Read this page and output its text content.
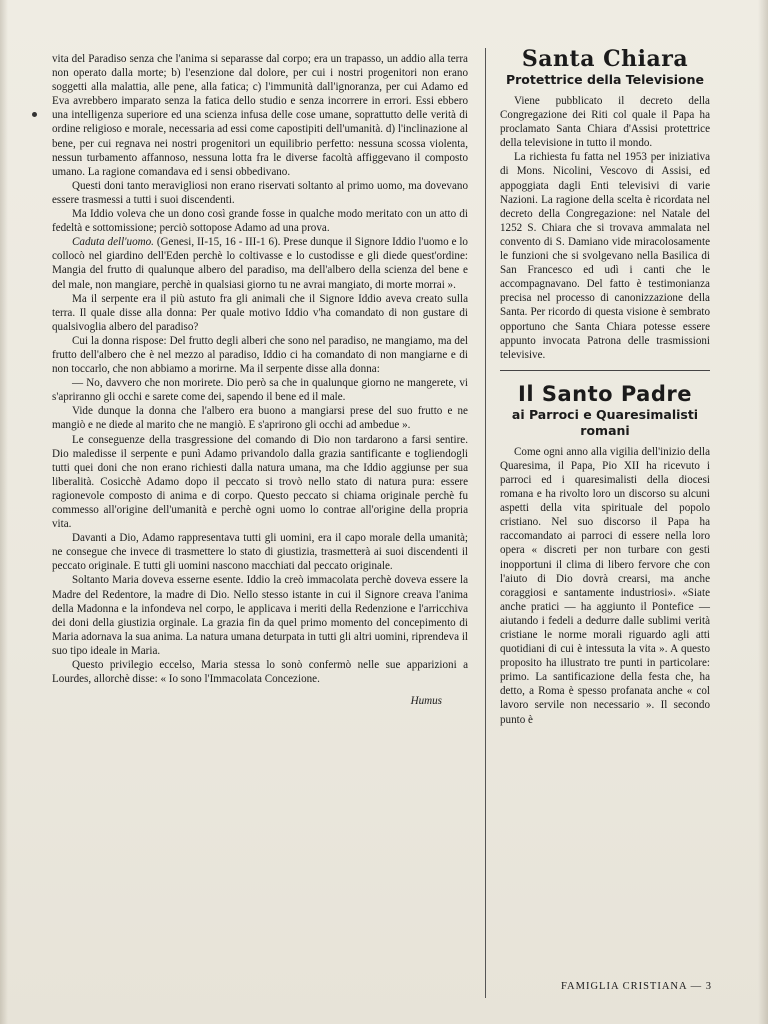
vita del Paradiso senza che l'anima si separasse dal corpo; era un trapasso, un addio alla terra non operato dalla morte; b) l'esenzione dal dolore, per cui i nostri progenitori non erano soggetti alla malattia, alle pene, alla fatica; c) l'immunità dall'ignoranza, per cui Adamo ed Eva avrebbero imparato senza la fatica dello studio e senza incorrere in errori. Essi ebbero una intelligenza superiore ed una scienza infusa delle cose umane, soprattutto delle verità di ordine religioso e morale, necessaria ad essi come capostipiti dell'umanità. d) l'inclinazione al bene, per cui regnava nei nostri progenitori un equilibrio perfetto: nessuna scossa violenta, nessun turbamento affannoso, nessuna lotta fra le diverse facoltà affiggevano il composto umano. La ragione comandava ed i sensi obbedivano.

Questi doni tanto meravigliosi non erano riservati soltanto al primo uomo, ma dovevano essere trasmessi a tutti i suoi discendenti.

Ma Iddio voleva che un dono così grande fosse in qualche modo meritato con un atto di fedeltà e sottomissione; perciò sottopose Adamo ad una prova.

Caduta dell'uomo. (Genesi, II-15, 16 - III-1 6). Prese dunque il Signore Iddio l'uomo e lo collocò nel giardino dell'Eden perchè lo coltivasse e lo custodisse e gli diede quest'ordine: Mangia del frutto di qualunque albero del paradiso, ma dell'albero della scienza del bene e del male, non mangiare, perchè in qualsiasi giorno tu ne avrai mangiato, di morte morrai ».

Ma il serpente era il più astuto fra gli animali che il Signore Iddio aveva creato sulla terra. Il quale disse alla donna: Per quale motivo Iddio v'ha comandato di non gustare di qualsivoglia albero del paradiso?

Cui la donna rispose: Del frutto degli alberi che sono nel paradiso, ne mangiamo, ma del frutto dell'albero che è nel mezzo al paradiso, Iddio ci ha comandato di non mangiarne e di non toccarlo, che non abbiamo a morirne. Ma il serpente disse alla donna:

— No, davvero che non morirete. Dio però sa che in qualunque giorno ne mangerete, vi s'apriranno gli occhi e sarete come dei, sapendo il bene ed il male.

Vide dunque la donna che l'albero era buono a mangiarsi prese del suo frutto e ne mangiò e ne diede al marito che ne mangiò. E s'aprirono gli occhi ad ambedue ».

Le conseguenze della trasgressione del comando di Dio non tardarono a farsi sentire. Dio maledisse il serpente e punì Adamo privandolo dalla grazia santificante e togliendogli tutti quei doni che non erano richiesti dalla natura umana, ma che Iddio aggiunse per sua liberalità. Cosicchè Adamo dopo il peccato si trovò nello stato di natura pura: essere ragionevole composto di anima e di corpo. Questo peccato si chiama originale perchè fu commesso all'origine dell'umanità e perchè ogni uomo lo contrae all'origine della propria vita.

Davanti a Dio, Adamo rappresentava tutti gli uomini, era il capo morale della umanità; ne consegue che invece di trasmettere lo stato di giustizia, trasmetterà ai suoi discendenti il peccato originale. E tutti gli uomini nascono macchiati dal peccato originale.

Soltanto Maria doveva esserne esente. Iddio la creò immacolata perchè doveva essere la Madre del Redentore, la madre di Dio. Nello stesso istante in cui il Signore creava l'anima della Madonna e la infondeva nel corpo, le applicava i meriti della Redenzione e l'arricchiva dei doni della giustizia orginale. La grazia fin da quel primo momento del concepimento di Maria adornava la sua anima. La natura umana deturpata in tutti gli altri uomini, riprendeva il suo tipo ideale in Maria.

Questo privilegio eccelso, Maria stessa lo sonò confermò nelle sue apparizioni a Lourdes, allorchè disse: « Io sono l'Immacolata Concezione.

Humus

Santa Chiara
Protettrice della Televisione

Viene pubblicato il decreto della Congregazione dei Riti col quale il Papa ha proclamato Santa Chiara d'Assisi protettrice della televisione in tutto il mondo.

La richiesta fu fatta nel 1953 per iniziativa di Mons. Nicolini, Vescovo di Assisi, ed appoggiata dagli Enti televisivi di varie Nazioni. La ragione della scelta è ricordata nel decreto della Congregazione: nel Natale del 1252 S. Chiara che si trovava ammalata nel convento di S. Damiano vide miracolosamente le funzioni che si svolgevano nella Basilica di San Francesco ed udì i canti che le accompagnavano. Del fatto è testimonianza precisa nel processo di canonizzazione della Santa. Per ricordo di questa visione è sembrato opportuno che Santa Chiara potesse essere appunto invocata Patrona delle trasmissioni televisive.

Il Santo Padre
ai Parroci e Quaresimalisti romani

Come ogni anno alla vigilia dell'inizio della Quaresima, il Papa, Pio XII ha ricevuto i parroci ed i quaresimalisti della diocesi romana e ha rivolto loro un discorso su alcuni aspetti della vita spirituale del popolo cristiano. Nel suo discorso il Papa ha raccomandato ai parroci di essere nella loro opera « discreti per non turbare con gesti inopportuni il clima di libero fervore che con l'aiuto di Dio dovrà crearsi, ma anche coraggiosi e santamente industriosi». «Siate anche pratici — ha aggiunto il Pontefice — aiutando i fedeli a dedurre dalle sublimi verità cristiane le norme morali riguardo agli atti quotidiani di cui è intessuta la vita ». A questo proposito ha illustrato tre punti in particolare: primo. La santificazione della festa che, ha detto, a Roma è spesso profanata anche « col lavoro servile non necessario ». Il secondo punto è

FAMIGLIA CRISTIANA — 3
